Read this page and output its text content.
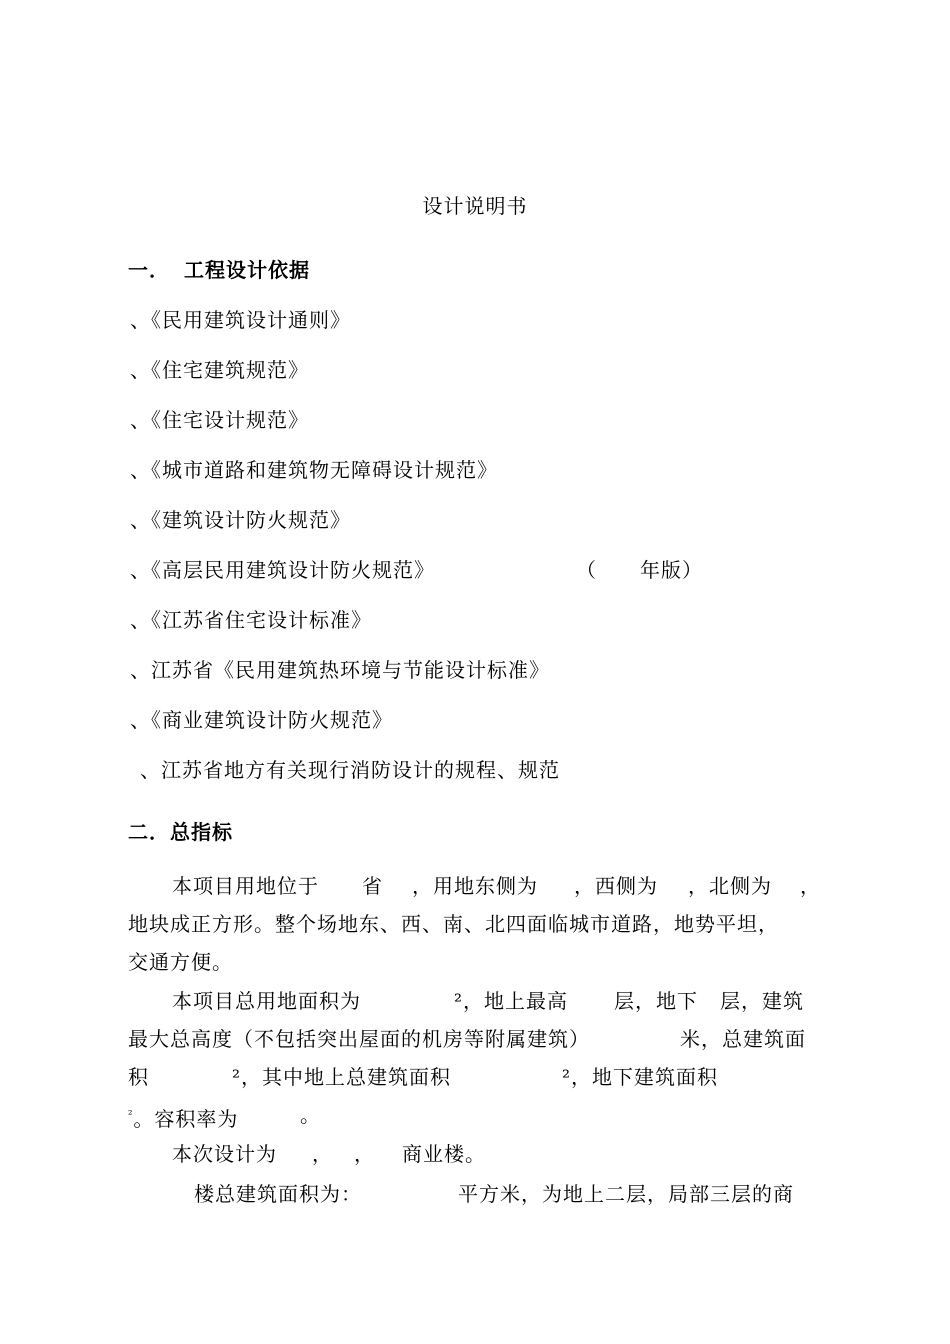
设计说明书
一． 工程设计依据
、《民用建筑设计通则》
、《住宅建筑规范》
、《住宅设计规范》
、《城市道路和建筑物无障碍设计规范》
、《建筑设计防火规范》
、《高层民用建筑设计防火规范》	（ 年版）
、《江苏省住宅设计标准》
、江苏省《民用建筑热环境与节能设计标准》
、《商业建筑设计防火规范》
、江苏省地方有关现行消防设计的规程、规范
二．总指标
本项目用地位于 省 ，用地东侧为 ，西侧为 ，北侧为 ，
地块成正方形。整个场地东、西、南、北四面临城市道路，地势平坦，
交通方便。
本项目总用地面积为	²，地上最高 层，地下 层，建筑
最大总高度（不包括突出屋面的机房等附属建筑）	米，总建筑面
积	²，其中地上总建筑面积	²，地下建筑面积
$^{^2}$。容积率为	。
本次设计为 ， ， 商业楼。
楼总建筑面积为：	平方米，为地上二层，局部三层的商
